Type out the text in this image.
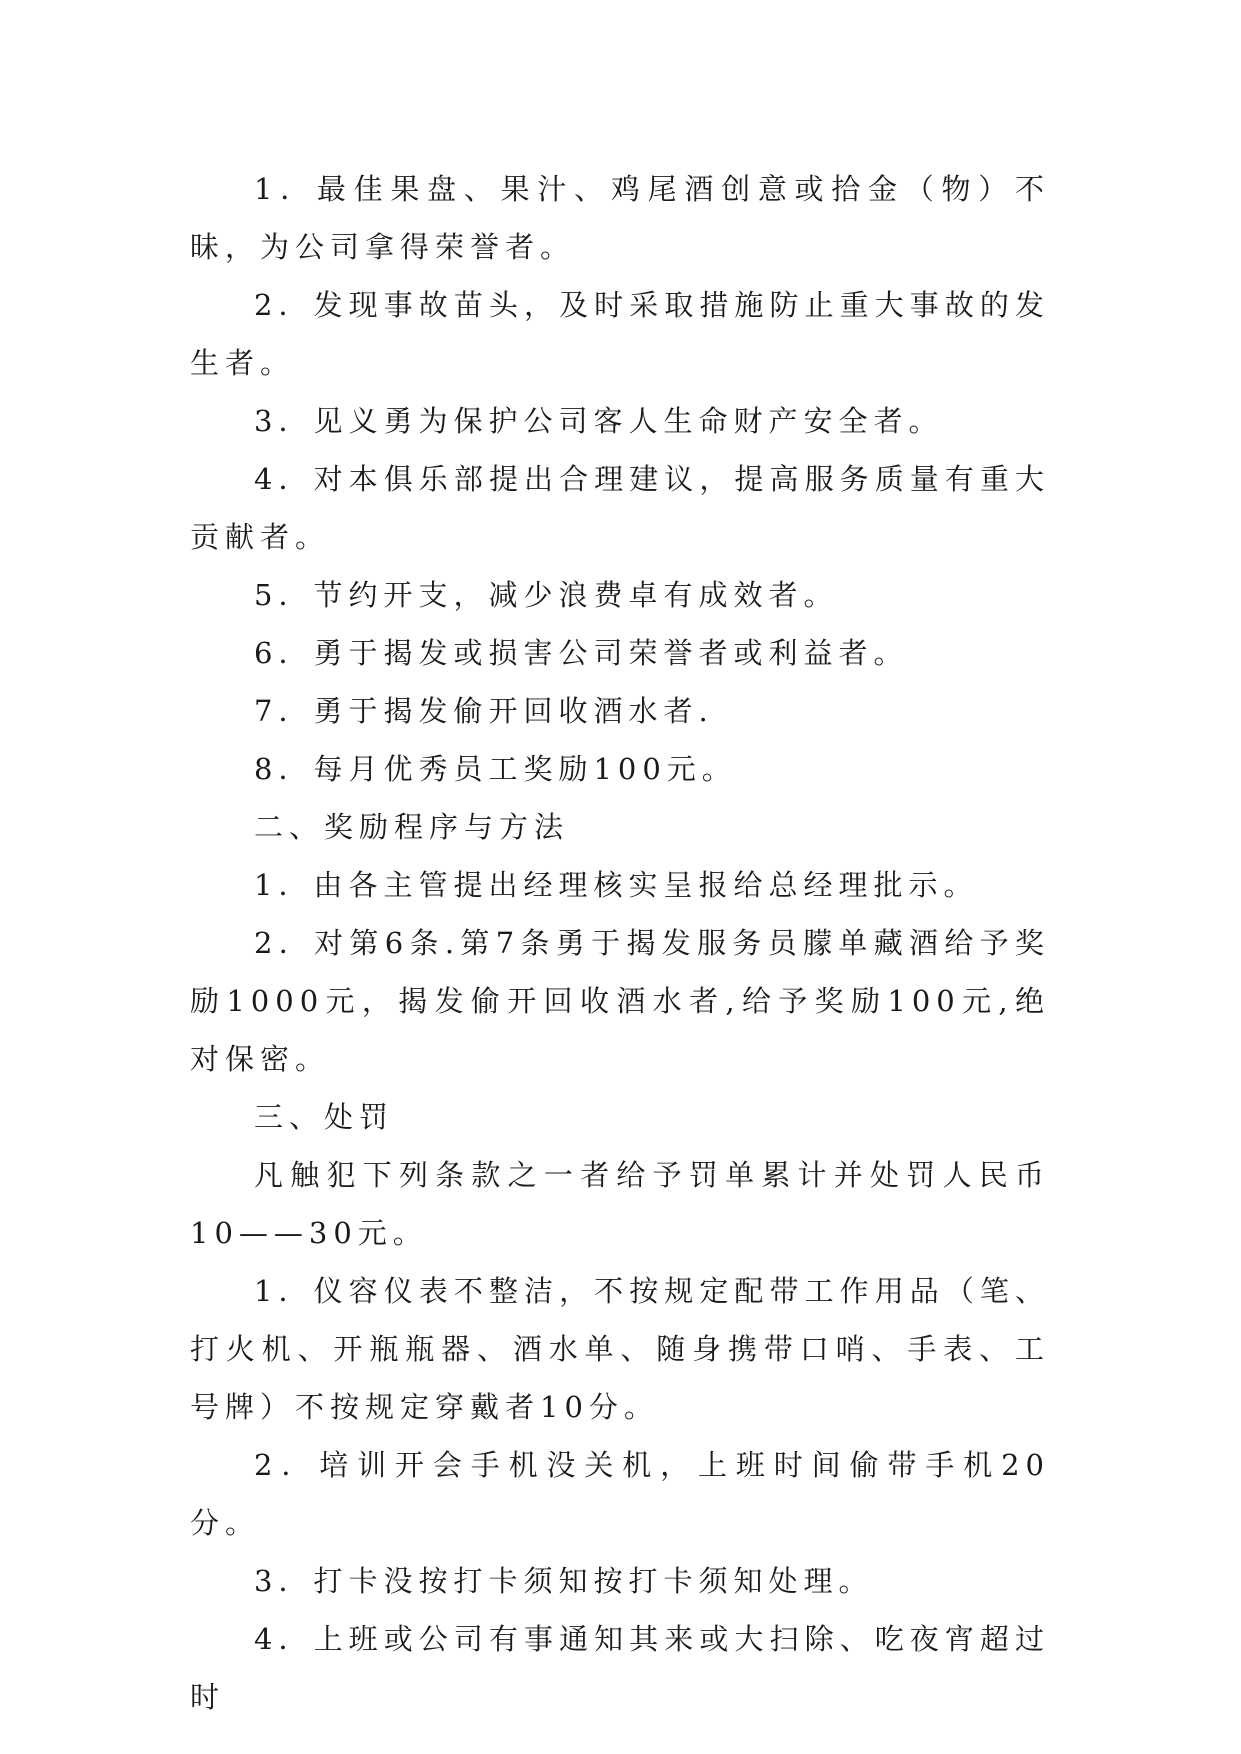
1．最佳果盘、果汁、鸡尾酒创意或拾金（物）不昧，为公司拿得荣誉者。

2．发现事故苗头，及时采取措施防止重大事故的发生者。

3．见义勇为保护公司客人生命财产安全者。

4．对本俱乐部提出合理建议，提高服务质量有重大贡献者。

5．节约开支，减少浪费卓有成效者。

6．勇于揭发或损害公司荣誉者或利益者。

7．勇于揭发偷开回收酒水者.

8．每月优秀员工奖励100元。

二、奖励程序与方法

1．由各主管提出经理核实呈报给总经理批示。

2．对第6条.第7条勇于揭发服务员朦单藏酒给予奖励1000元，揭发偷开回收酒水者,给予奖励100元,绝对保密。

三、处罚

凡触犯下列条款之一者给予罚单累计并处罚人民币10——30元。

1．仪容仪表不整洁，不按规定配带工作用品（笔、打火机、开瓶瓶器、酒水单、随身携带口哨、手表、工号牌）不按规定穿戴者10分。

2．培训开会手机没关机，上班时间偷带手机20分。

3．打卡没按打卡须知按打卡须知处理。

4．上班或公司有事通知其来或大扫除、吃夜宵超过时
